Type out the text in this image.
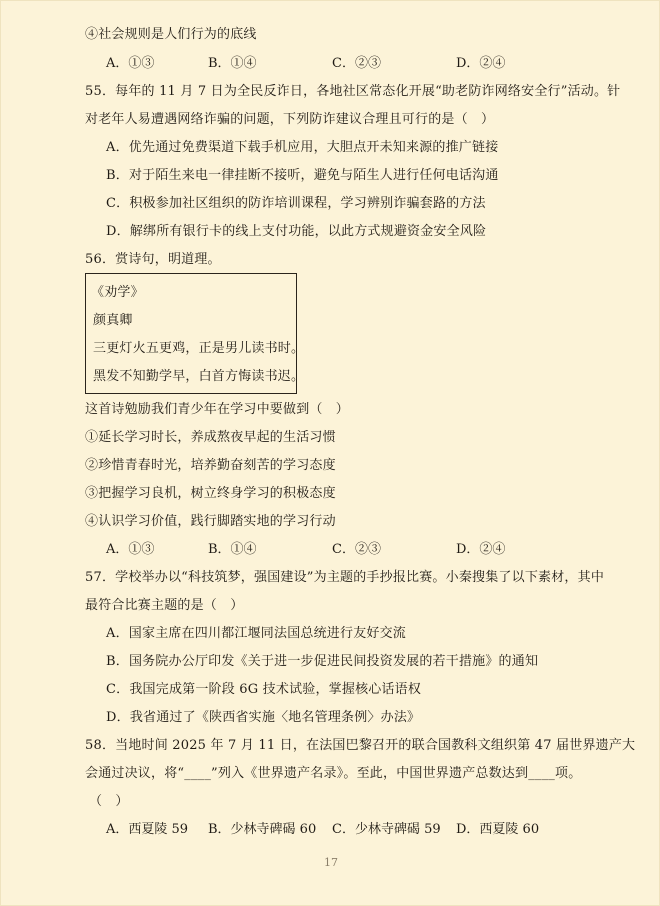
④社会规则是人们行为的底线
A．①③	B．①④	C．②③	D．②④
55．每年的 11 月 7 日为全民反诈日，各地社区常态化开展“助老防诈网络安全行”活动。针
对老年人易遭遇网络诈骗的问题，下列防诈建议合理且可行的是（　）
A．优先通过免费渠道下载手机应用，大胆点开未知来源的推广链接
B．对于陌生来电一律挂断不接听，避免与陌生人进行任何电话沟通
C．积极参加社区组织的防诈培训课程，学习辨别诈骗套路的方法
D．解绑所有银行卡的线上支付功能，以此方式规避资金安全风险
56．赏诗句，明道理。
《劝学》
颜真卿
三更灯火五更鸡，正是男儿读书时。
黑发不知勤学早，白首方悔读书迟。
这首诗勉励我们青少年在学习中要做到（　）
①延长学习时长，养成熬夜早起的生活习惯
②珍惜青春时光，培养勤奋刻苦的学习态度
③把握学习良机，树立终身学习的积极态度
④认识学习价值，践行脚踏实地的学习行动
A．①③	B．①④	C．②③	D．②④
57．学校举办以“科技筑梦，强国建设”为主题的手抄报比赛。小秦搜集了以下素材，其中
最符合比赛主题的是（　）
A．国家主席在四川都江堰同法国总统进行友好交流
B．国务院办公厅印发《关于进一步促进民间投资发展的若干措施》的通知
C．我国完成第一阶段 6G 技术试验，掌握核心话语权
D．我省通过了《陕西省实施〈地名管理条例〉办法》
58．当地时间 2025 年 7 月 11 日，在法国巴黎召开的联合国教科文组织第 47 届世界遗产大
会通过决议，将“____”列入《世界遗产名录》。至此，中国世界遗产总数达到____项。
（　）
A．西夏陵 59 B．少林寺碑碣 60 C．少林寺碑碣 59 D．西夏陵 60
17
